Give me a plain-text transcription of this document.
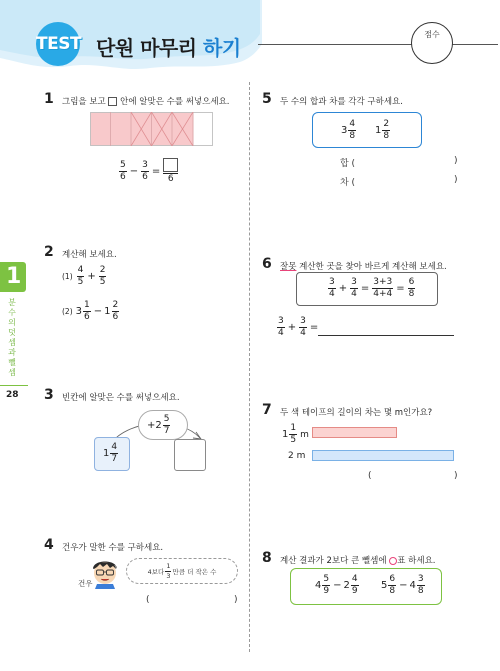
TEST 단원 마무리 하기
점수
1
분수의 덧셈과 뺄셈
28
1 그림을 보고  안에 알맞은 수를 써넣으세요.
$\frac{5}{6} - \frac{3}{6}$ =
6
2 계산해 보세요.
$(1) \frac{4}{5} + \frac{2}{5}$
(2) $3 \frac{1}{6} - 1 \frac{2}{6}$
3 빈칸에 알맞은 수를 써넣으세요.
$+2 \frac{5}{7}$
$1 \frac{4}{7}$
4 건우가 말한 수를 구하세요.
건우
4보다 $\frac{1}{3}$ 만큼 더 작은 수
(	)
5 두 수의 합과 차를 각각 구하세요.
$3 \frac{4}{8} 1 \frac{2}{8}$
합 (	)
차 (	)
6 잘못 계산한 곳을 찾아 바르게 계산해 보세요.
$\frac{3}{4} + \frac{3}{4} = \frac{3+3}{4+4} = \frac{6}{8}$
$\frac{3}{4} + \frac{3}{4}$ =
7 두 색 테이프의 길이의 차는 몇 m인가요?
$1 \frac{1}{5}$ m
2 m
(	)
8 계산 결과가 2보다 큰 뺄셈에 ○표 하세요.
$4 \frac{5}{9} - 2 \frac{4}{9} 5 \frac{6}{8} - 4 \frac{3}{8}$
